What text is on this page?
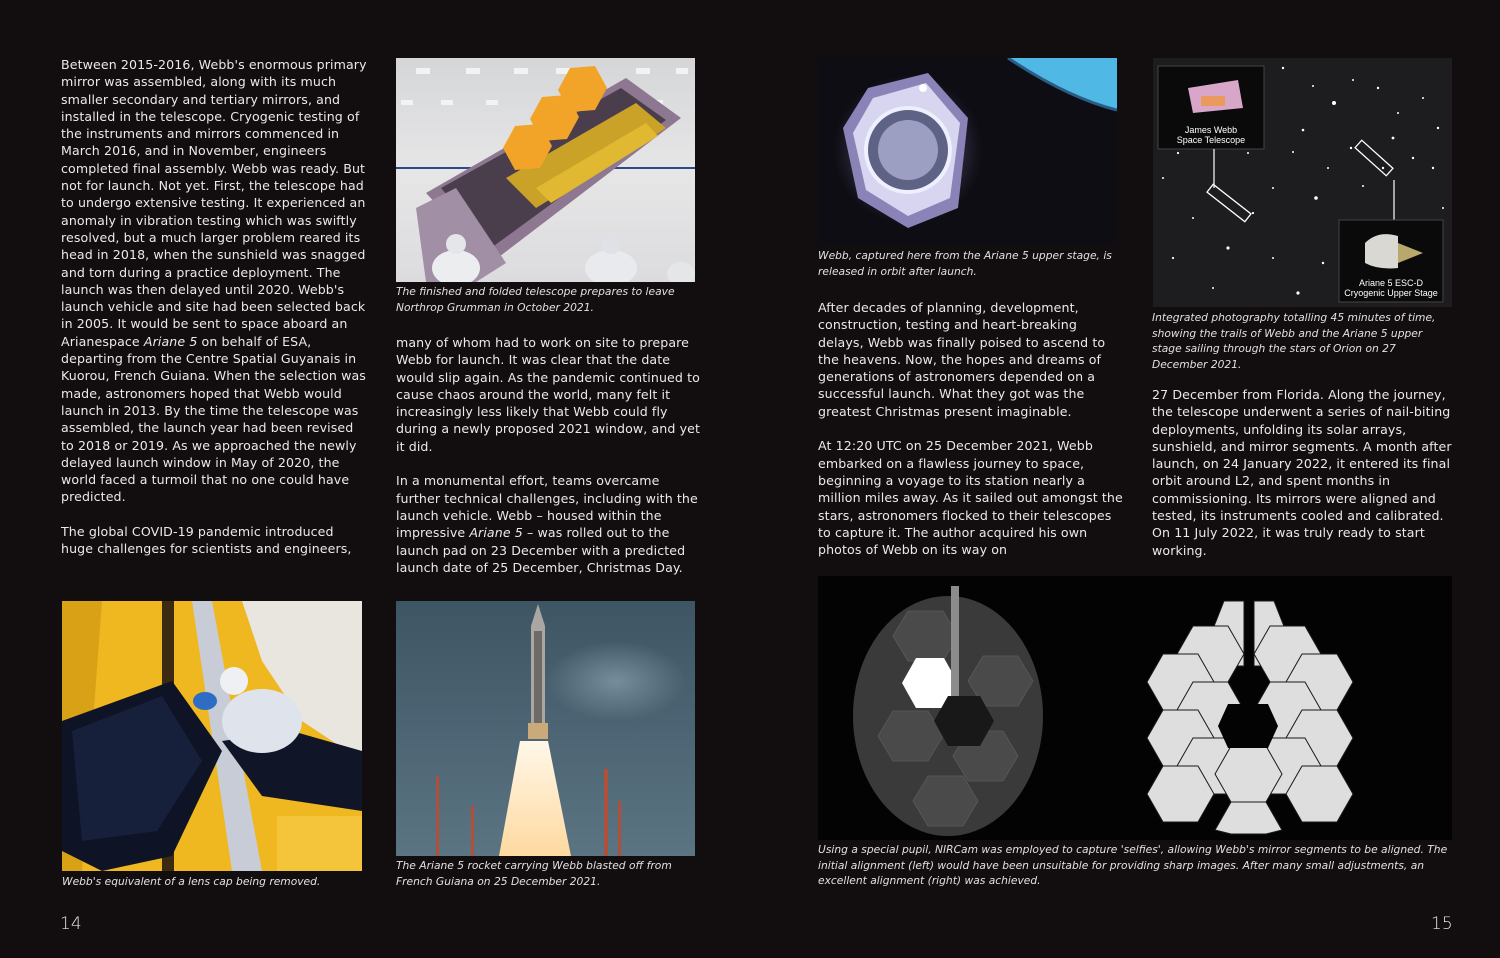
Between 2015-2016, Webb's enormous primary mirror was assembled, along with its much smaller secondary and tertiary mirrors, and installed in the telescope. Cryogenic testing of the instruments and mirrors commenced in March 2016, and in November, engineers completed final assembly. Webb was ready. But not for launch. Not yet. First, the telescope had to undergo extensive testing. It experienced an anomaly in vibration testing which was swiftly resolved, but a much larger problem reared its head in 2018, when the sunshield was snagged and torn during a practice deployment. The launch was then delayed until 2020. Webb's launch vehicle and site had been selected back in 2005. It would be sent to space aboard an Arianespace Ariane 5 on behalf of ESA, departing from the Centre Spatial Guyanais in Kuorou, French Guiana. When the selection was made, astronomers hoped that Webb would launch in 2013. By the time the telescope was assembled, the launch year had been revised to 2018 or 2019. As we approached the newly delayed launch window in May of 2020, the world faced a turmoil that no one could have predicted.

The global COVID-19 pandemic introduced huge challenges for scientists and engineers,

The finished and folded telescope prepares to leave Northrop Grumman in October 2021.

many of whom had to work on site to prepare Webb for launch. It was clear that the date would slip again. As the pandemic continued to cause chaos around the world, many felt it increasingly less likely that Webb could fly during a newly proposed 2021 window, and yet it did.

In a monumental effort, teams overcame further technical challenges, including with the launch vehicle. Webb – housed within the impressive Ariane 5 – was rolled out to the launch pad on 23 December with a predicted launch date of 25 December, Christmas Day.

Webb's equivalent of a lens cap being removed.
The Ariane 5 rocket carrying Webb blasted off from French Guiana on 25 December 2021.
14
Webb, captured here from the Ariane 5 upper stage, is released in orbit after launch.

After decades of planning, development, construction, testing and heart-breaking delays, Webb was finally poised to ascend to the heavens. Now, the hopes and dreams of generations of astronomers depended on a successful launch. What they got was the greatest Christmas present imaginable.

At 12:20 UTC on 25 December 2021, Webb embarked on a flawless journey to space, beginning a voyage to its station nearly a million miles away. As it sailed out amongst the stars, astronomers flocked to their telescopes to capture it. The author acquired his own photos of Webb on its way on

James Webb
Space Telescope
Ariane 5 ESC-D
Cryogenic Upper Stage
Integrated photography totalling 45 minutes of time, showing the trails of Webb and the Ariane 5 upper stage sailing through the stars of Orion on 27 December 2021.

27 December from Florida. Along the journey, the telescope underwent a series of nail-biting deployments, unfolding its solar arrays, sunshield, and mirror segments. A month after launch, on 24 January 2022, it entered its final orbit around L2, and spent months in commissioning. Its mirrors were aligned and tested, its instruments cooled and calibrated. On 11 July 2022, it was truly ready to start working.

Using a special pupil, NIRCam was employed to capture 'selfies', allowing Webb's mirror segments to be aligned. The initial alignment (left) would have been unsuitable for providing sharp images. After many small adjustments, an excellent alignment (right) was achieved.
15
